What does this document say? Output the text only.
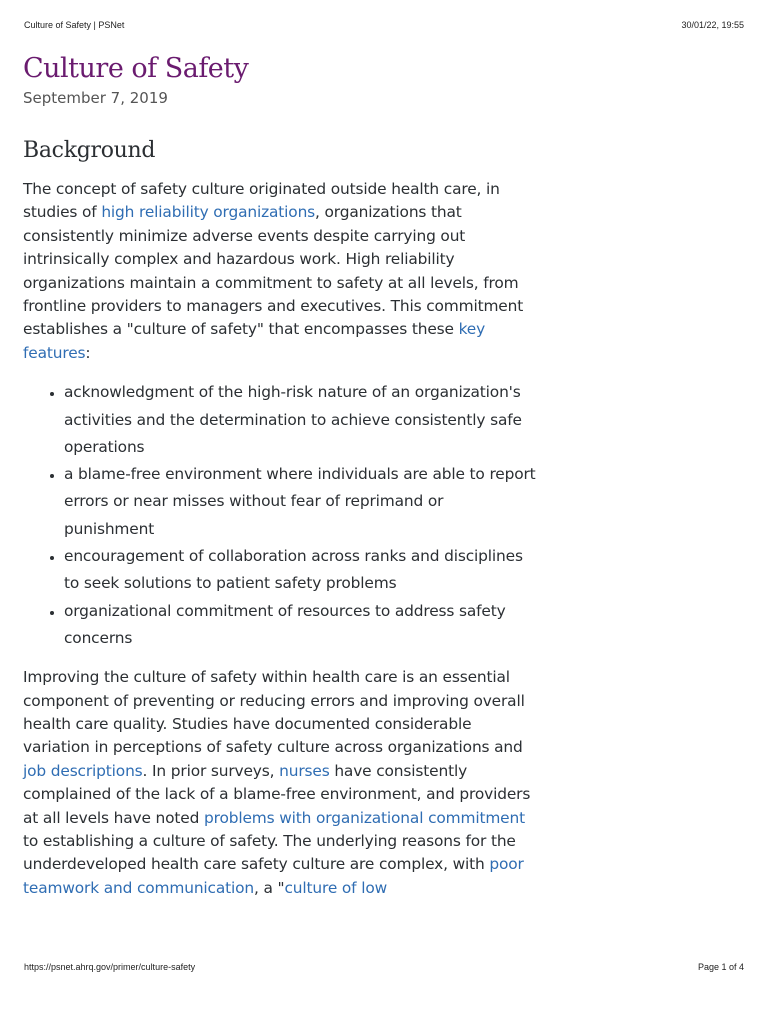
Culture of Safety | PSNet	30/01/22, 19:55
Culture of Safety
September 7, 2019
Background

The concept of safety culture originated outside health care, in studies of high reliability organizations, organizations that consistently minimize adverse events despite carrying out intrinsically complex and hazardous work. High reliability organizations maintain a commitment to safety at all levels, from frontline providers to managers and executives. This commitment establishes a "culture of safety" that encompasses these key features:

• acknowledgment of the high-risk nature of an organization's activities and the determination to achieve consistently safe operations
• a blame-free environment where individuals are able to report errors or near misses without fear of reprimand or punishment
• encouragement of collaboration across ranks and disciplines to seek solutions to patient safety problems
• organizational commitment of resources to address safety concerns

Improving the culture of safety within health care is an essential component of preventing or reducing errors and improving overall health care quality. Studies have documented considerable variation in perceptions of safety culture across organizations and job descriptions. In prior surveys, nurses have consistently complained of the lack of a blame-free environment, and providers at all levels have noted problems with organizational commitment to establishing a culture of safety. The underlying reasons for the underdeveloped health care safety culture are complex, with poor teamwork and communication, a "culture of low

https://psnet.ahrq.gov/primer/culture-safety	Page 1 of 4
